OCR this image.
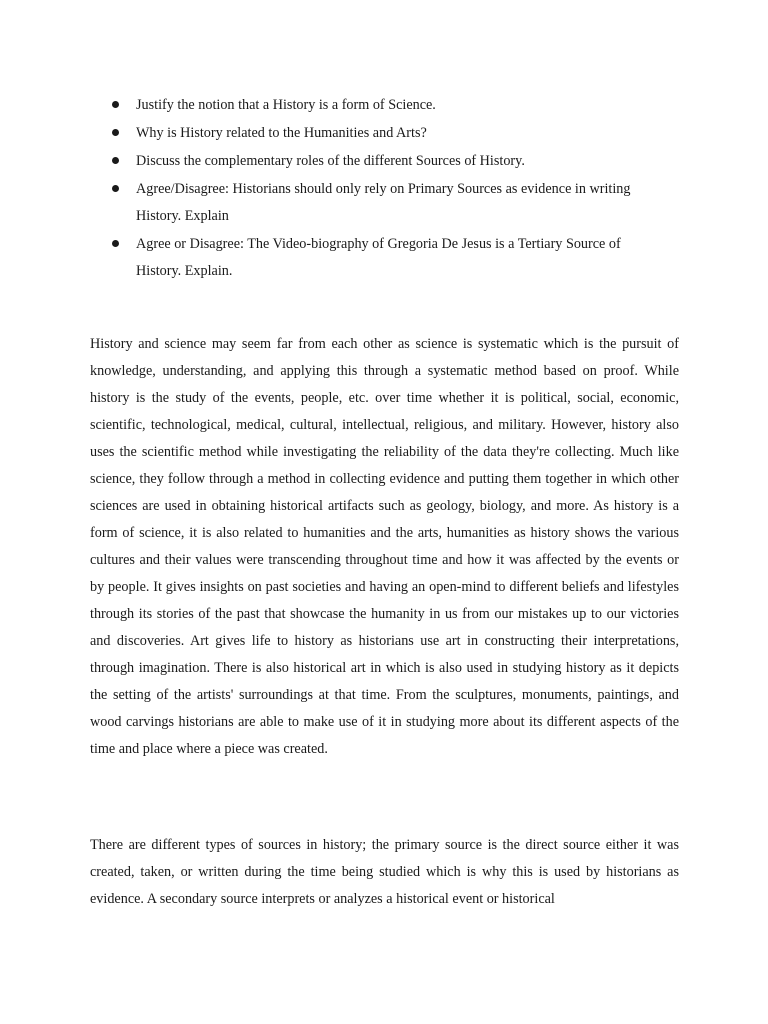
Justify the notion that a History is a form of Science.
Why is History related to the Humanities and Arts?
Discuss the complementary roles of the different Sources of History.
Agree/Disagree: Historians should only rely on Primary Sources as evidence in writing History. Explain
Agree or Disagree: The Video-biography of Gregoria De Jesus is a Tertiary Source of History. Explain.

History and science may seem far from each other as science is systematic which is the pursuit of knowledge, understanding, and applying this through a systematic method based on proof. While history is the study of the events, people, etc. over time whether it is political, social, economic, scientific, technological, medical, cultural, intellectual, religious, and military. However, history also uses the scientific method while investigating the reliability of the data they're collecting. Much like science, they follow through a method in collecting evidence and putting them together in which other sciences are used in obtaining historical artifacts such as geology, biology, and more. As history is a form of science, it is also related to humanities and the arts, humanities as history shows the various cultures and their values were transcending throughout time and how it was affected by the events or by people. It gives insights on past societies and having an open-mind to different beliefs and lifestyles through its stories of the past that showcase the humanity in us from our mistakes up to our victories and discoveries. Art gives life to history as historians use art in constructing their interpretations, through imagination. There is also historical art in which is also used in studying history as it depicts the setting of the artists' surroundings at that time. From the sculptures, monuments, paintings, and wood carvings historians are able to make use of it in studying more about its different aspects of the time and place where a piece was created.

There are different types of sources in history; the primary source is the direct source either it was created, taken, or written during the time being studied which is why this is used by historians as evidence. A secondary source interprets or analyzes a historical event or historical
